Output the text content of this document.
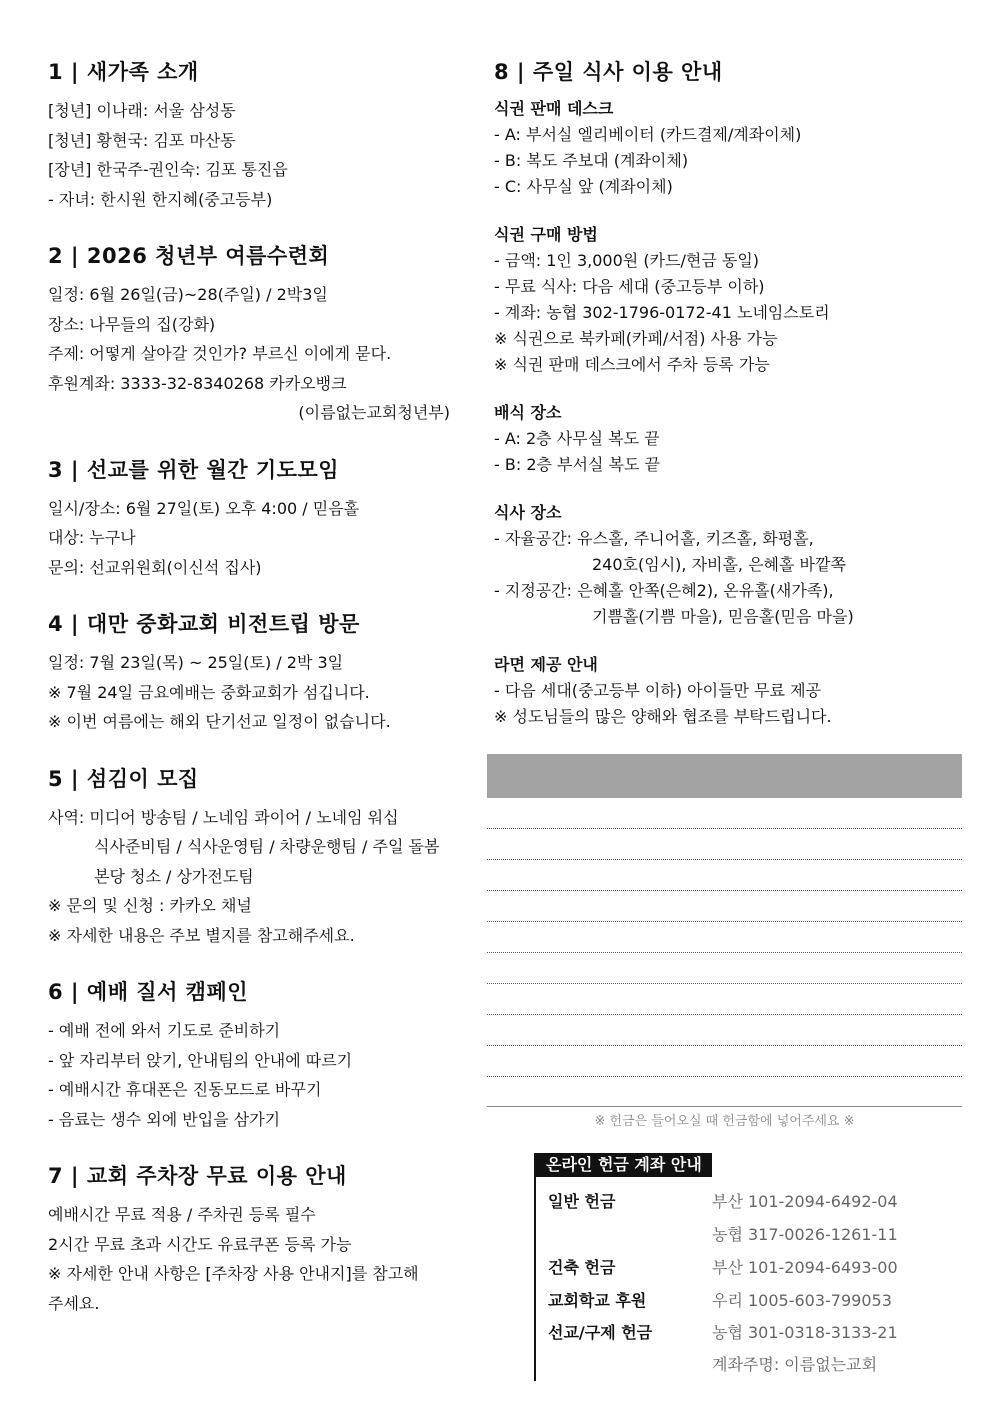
1 | 새가족 소개
[청년] 이나래: 서울 삼성동
[청년] 황현국: 김포 마산동
[장년] 한국주-권인숙: 김포 통진읍
- 자녀: 한시원 한지혜(중고등부)
2 | 2026 청년부 여름수련회
일정: 6월 26일(금)~28(주일) / 2박3일
장소: 나무들의 집(강화)
주제: 어떻게 살아갈 것인가? 부르신 이에게 묻다.
후원계좌: 3333-32-8340268 카카오뱅크
(이름없는교회청년부)
3 | 선교를 위한 월간 기도모임
일시/장소: 6월 27일(토) 오후 4:00 / 믿음홀
대상: 누구나
문의: 선교위원회(이신석 집사)
4 | 대만 중화교회 비전트립 방문
일정: 7월 23일(목) ~ 25일(토) / 2박 3일
※ 7월 24일 금요예배는 중화교회가 섬깁니다.
※ 이번 여름에는 해외 단기선교 일정이 없습니다.
5 | 섬김이 모집
사역: 미디어 방송팀 / 노네임 콰이어 / 노네임 워십
식사준비팀 / 식사운영팀 / 차량운행팀 / 주일 돌봄
본당 청소 / 상가전도팀
※ 문의 및 신청 : 카카오 채널
※ 자세한 내용은 주보 별지를 참고해주세요.
6 | 예배 질서 캠페인
- 예배 전에 와서 기도로 준비하기
- 앞 자리부터 앉기, 안내팀의 안내에 따르기
- 예배시간 휴대폰은 진동모드로 바꾸기
- 음료는 생수 외에 반입을 삼가기
7 | 교회 주차장 무료 이용 안내
예배시간 무료 적용 / 주차권 등록 필수
2시간 무료 초과 시간도 유료쿠폰 등록 가능
※ 자세한 안내 사항은 [주차장 사용 안내지]를 참고해
주세요.
8 | 주일 식사 이용 안내
식권 판매 데스크
- A: 부서실 엘리베이터 (카드결제/계좌이체)
- B: 복도 주보대 (계좌이체)
- C: 사무실 앞 (계좌이체)
식권 구매 방법
- 금액: 1인 3,000원 (카드/현금 동일)
- 무료 식사: 다음 세대 (중고등부 이하)
- 계좌: 농협 302-1796-0172-41 노네임스토리
※ 식권으로 북카페(카페/서점) 사용 가능
※ 식권 판매 데스크에서 주차 등록 가능
배식 장소
- A: 2층 사무실 복도 끝
- B: 2층 부서실 복도 끝
식사 장소
- 자율공간: 유스홀, 주니어홀, 키즈홀, 화평홀,
240호(임시), 자비홀, 은혜홀 바깥쪽
- 지정공간: 은혜홀 안쪽(은혜2), 온유홀(새가족),
기쁨홀(기쁨 마을), 믿음홀(믿음 마을)
라면 제공 안내
- 다음 세대(중고등부 이하) 아이들만 무료 제공
※ 성도님들의 많은 양해와 협조를 부탁드립니다.
※ 헌금은 들어오실 때 헌금함에 넣어주세요 ※
온라인 헌금 계좌 안내
일반 헌금	부산 101-2094-6492-04
농협 317-0026-1261-11
건축 헌금	부산 101-2094-6493-00
교회학교 후원	우리 1005-603-799053
선교/구제 헌금	농협 301-0318-3133-21
계좌주명: 이름없는교회
